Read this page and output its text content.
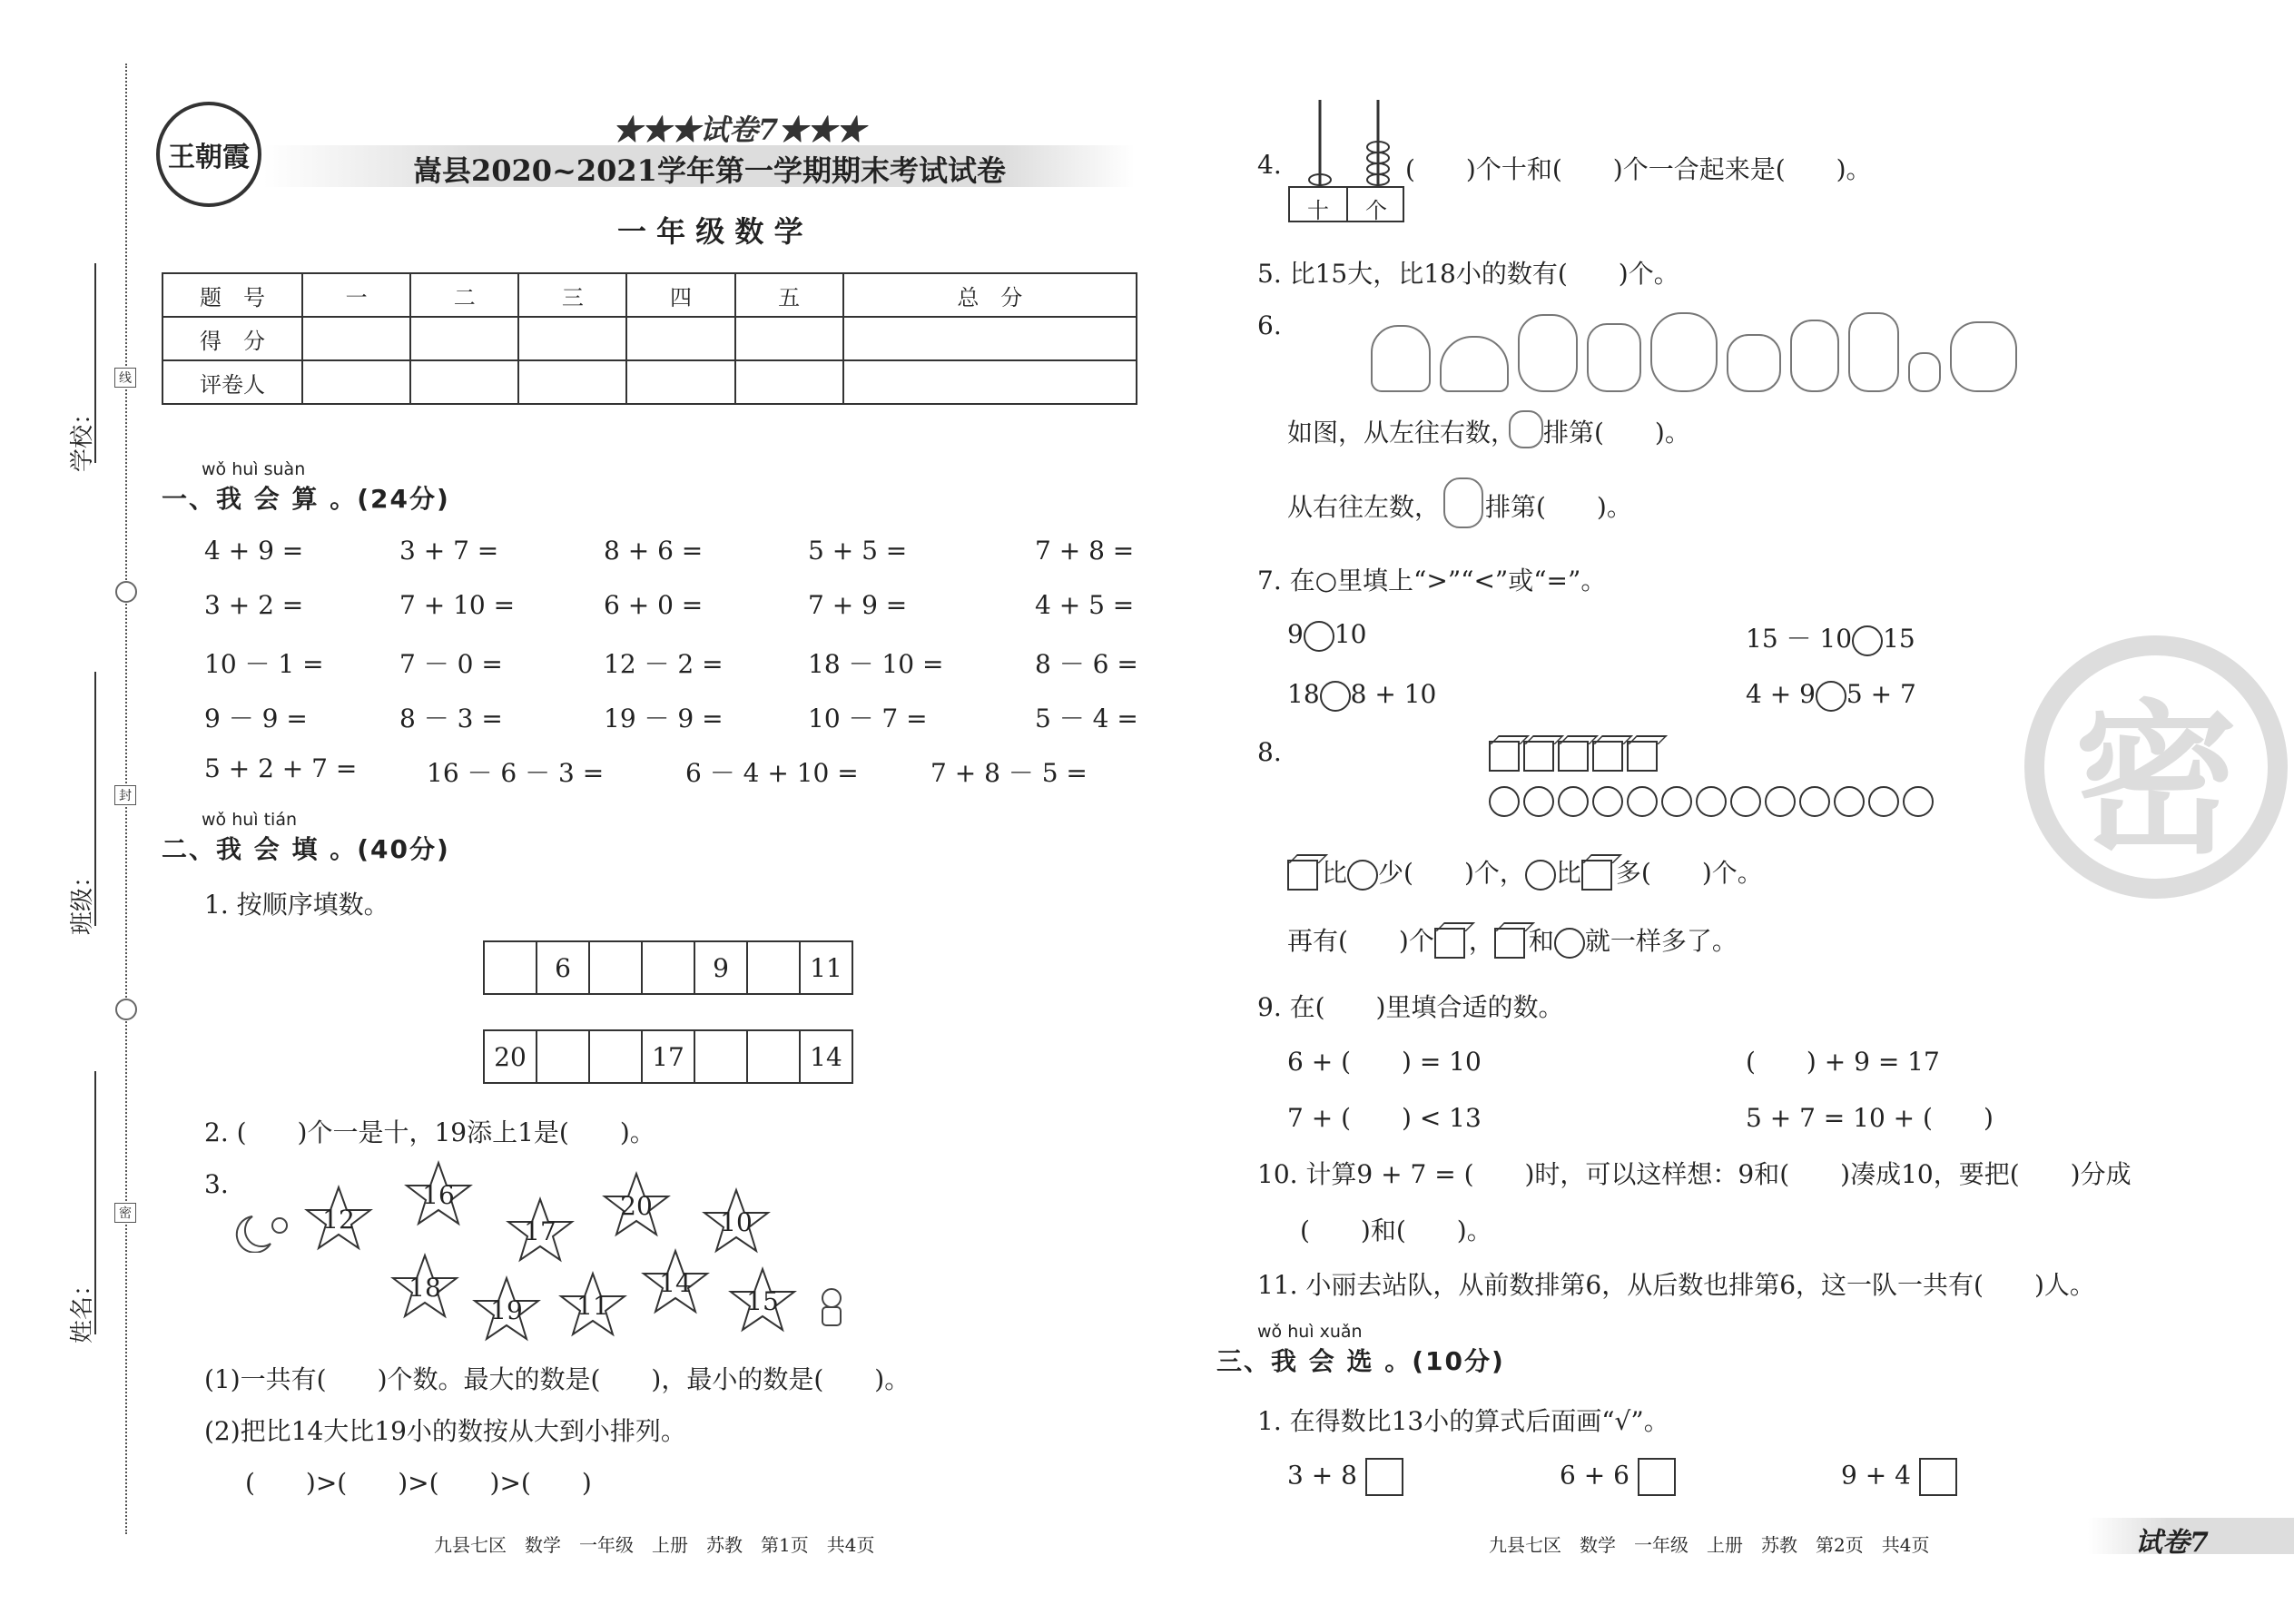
学校：
班级：
姓名：
线
封
密
王朝霞
★★★试卷7★★★
嵩县2020~2021学年第一学期期末考试试卷
一 年 级 数 学
题　号	一	二	三	四	五	总　分
得　分						
评卷人						
wǒ huì suàn
一、我 会 算 。(24分)
4 + 9 =	3 + 7 =	8 + 6 =	5 + 5 =	7 + 8 =
3 + 2 =	7 + 10 =	6 + 0 =	7 + 9 =	4 + 5 =
10 － 1 =	7 － 0 =	12 － 2 =	18 － 10 =	8 － 6 =
9 － 9 =	8 － 3 =	19 － 9 =	10 － 7 =	5 － 4 =
5 + 2 + 7 =	16 － 6 － 3 =	6 － 4 + 10 =	7 + 8 － 5 =
wǒ huì tián
二、我 会 填 。(40分)
1. 按顺序填数。
6	9	11
20	17	14
2. (　　)个一是十，19添上1是(　　)。
3.
12
16
17
20
10
18
19	11
14
15
(1)一共有(　　)个数。最大的数是(　　)，最小的数是(　　)。
(2)把比14大比19小的数按从大到小排列。
(　　)>(　　)>(　　)>(　　)
九县七区　数学　一年级　上册　苏教　第1页　共4页
十 个
4.	(　　)个十和(　　)个一合起来是(　　)。
5. 比15大，比18小的数有(　　)个。
6.
如图，从左往右数， 排第(　　)。
从右往左数， 排第(　　)。
7. 在○里填上“>”“<”或“=”。
9 10	15 － 10 15
18 8 + 10	4 + 9 5 + 7
8.
比 少(　　)个， 比 多(　　)个。
再有(　　)个 ， 和 就一样多了。
9. 在(　　)里填合适的数。
6 + (　　) = 10	(　　) + 9 = 17
7 + (　　) < 13	5 + 7 = 10 + (　　)
10. 计算9 + 7 = (　　)时，可以这样想：9和(　　)凑成10，要把(　　)分成
(　　)和(　　)。
11. 小丽去站队，从前数排第6，从后数也排第6，这一队一共有(　　)人。
wǒ huì xuǎn
三、我 会 选 。(10分)
1. 在得数比13小的算式后面画“√”。
3 + 8	6 + 6	9 + 4
九县七区　数学　一年级　上册　苏教　第2页　共4页	试卷7
密
